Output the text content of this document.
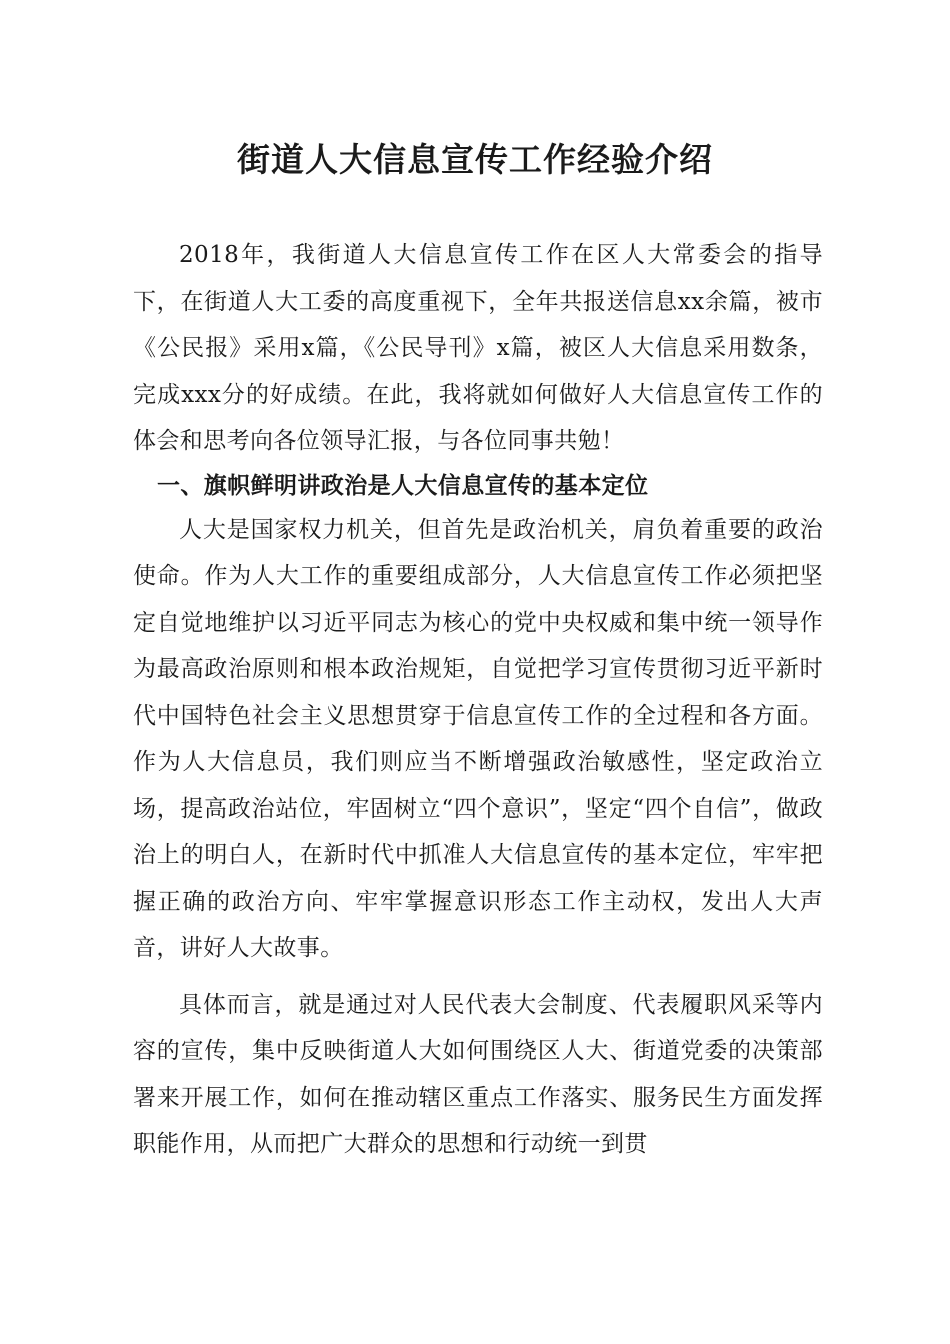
街道人大信息宣传工作经验介绍

2018年，我街道人大信息宣传工作在区人大常委会的指导下，在街道人大工委的高度重视下，全年共报送信息xx余篇，被市《公民报》采用x篇，《公民导刊》x篇，被区人大信息采用数条，完成xxx分的好成绩。在此，我将就如何做好人大信息宣传工作的体会和思考向各位领导汇报，与各位同事共勉！

一、旗帜鲜明讲政治是人大信息宣传的基本定位

人大是国家权力机关，但首先是政治机关，肩负着重要的政治使命。作为人大工作的重要组成部分，人大信息宣传工作必须把坚定自觉地维护以习近平同志为核心的党中央权威和集中统一领导作为最高政治原则和根本政治规矩，自觉把学习宣传贯彻习近平新时代中国特色社会主义思想贯穿于信息宣传工作的全过程和各方面。作为人大信息员，我们则应当不断增强政治敏感性，坚定政治立场，提高政治站位，牢固树立“四个意识”，坚定“四个自信”，做政治上的明白人，在新时代中抓准人大信息宣传的基本定位，牢牢把握正确的政治方向、牢牢掌握意识形态工作主动权，发出人大声音，讲好人大故事。

具体而言，就是通过对人民代表大会制度、代表履职风采等内容的宣传，集中反映街道人大如何围绕区人大、街道党委的决策部署来开展工作，如何在推动辖区重点工作落实、服务民生方面发挥职能作用，从而把广大群众的思想和行动统一到贯
